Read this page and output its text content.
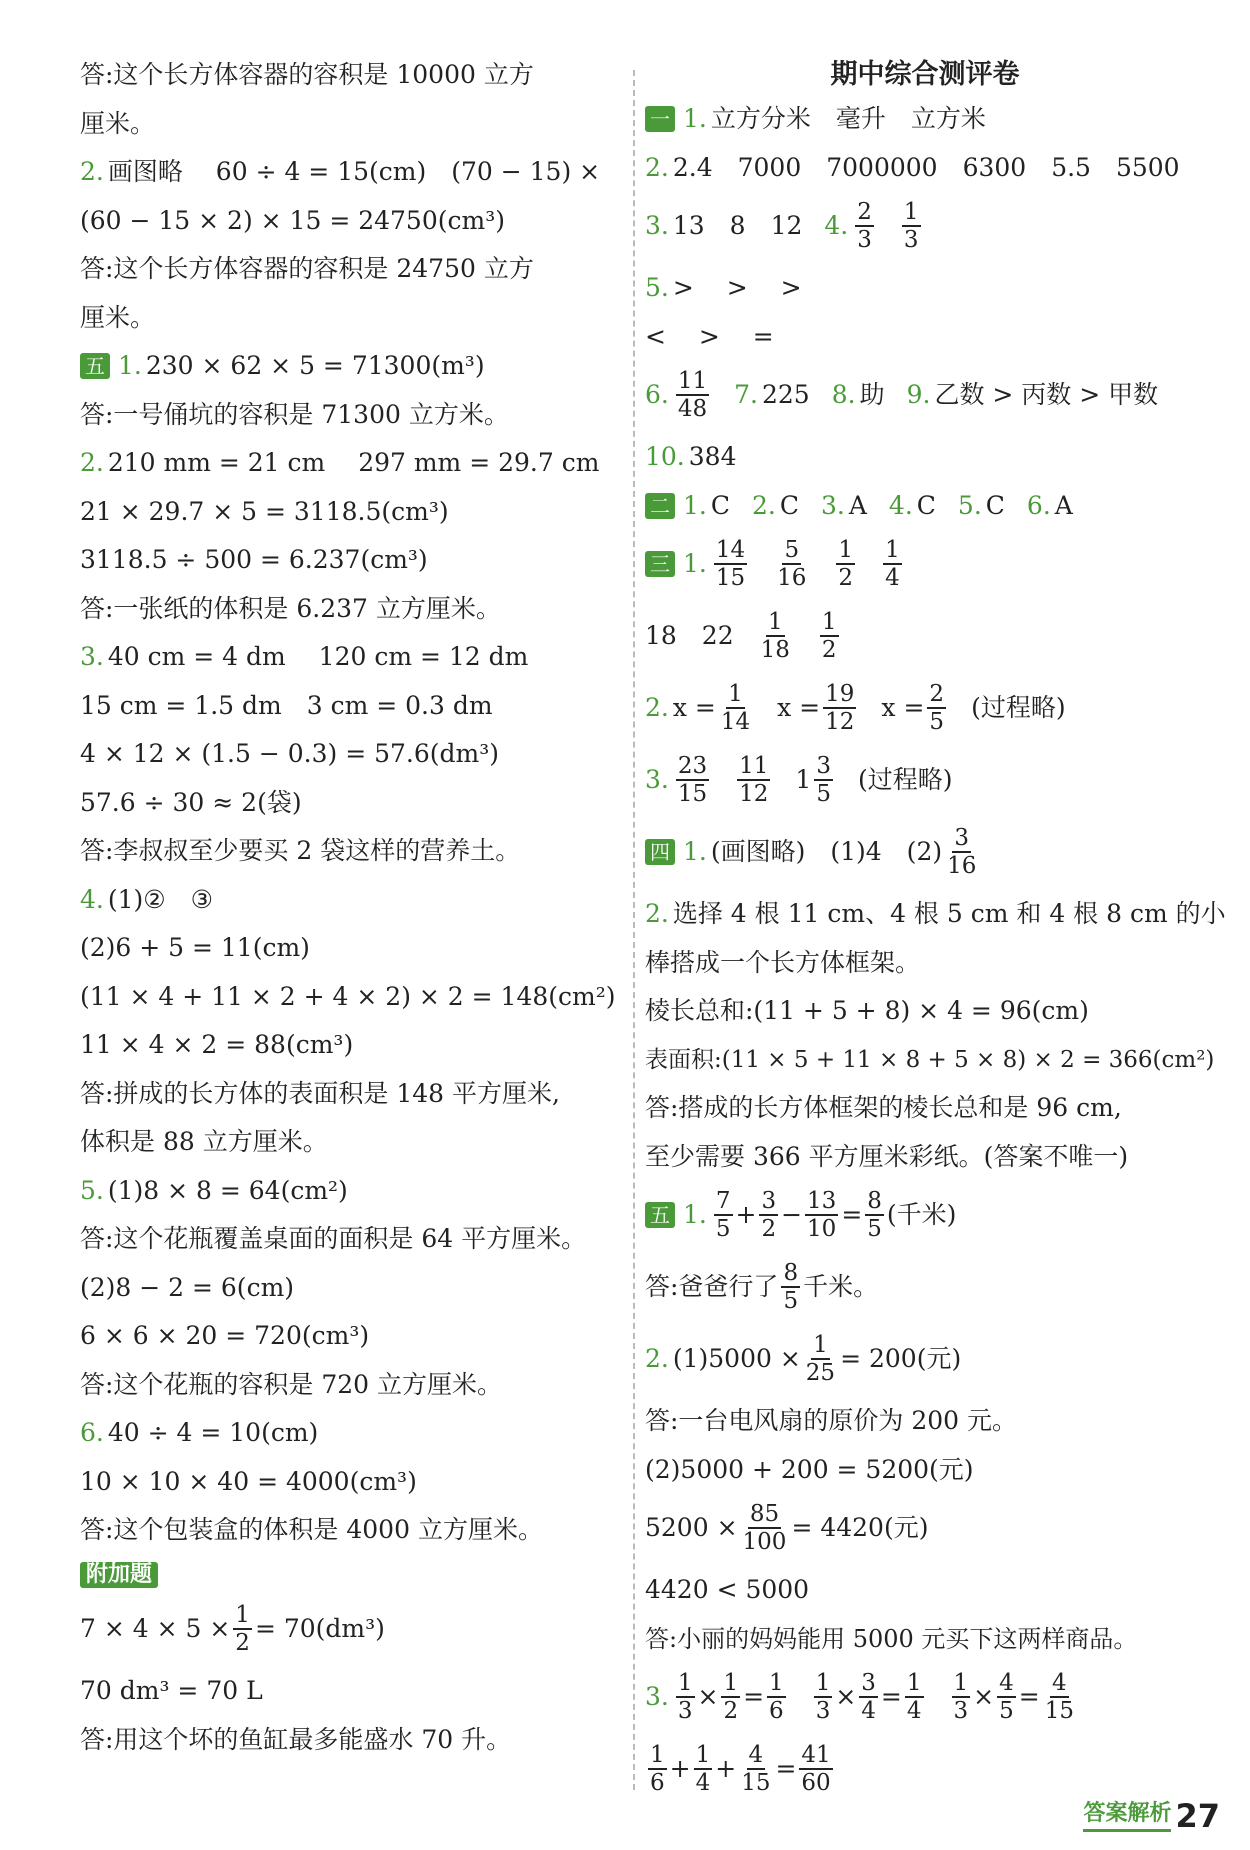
答:这个长方体容器的容积是 10000 立方
厘米。
2. 画图略　 60 ÷ 4 = 15(cm)　(70 − 15) ×
(60 − 15 × 2) × 15 = 24750(cm³)
答:这个长方体容器的容积是 24750 立方
厘米。
五 1. 230 × 62 × 5 = 71300(m³)
答:一号俑坑的容积是 71300 立方米。
2. 210 mm = 21 cm　 297 mm = 29.7 cm
21 × 29.7 × 5 = 3118.5(cm³)
3118.5 ÷ 500 = 6.237(cm³)
答:一张纸的体积是 6.237 立方厘米。
3. 40 cm = 4 dm　 120 cm = 12 dm
15 cm = 1.5 dm　3 cm = 0.3 dm
4 × 12 × (1.5 − 0.3) = 57.6(dm³)
57.6 ÷ 30 ≈ 2(袋)
答:李叔叔至少要买 2 袋这样的营养土。
4. (1)②　③
(2)6 + 5 = 11(cm)
(11 × 4 + 11 × 2 + 4 × 2) × 2 = 148(cm²)
11 × 4 × 2 = 88(cm³)
答:拼成的长方体的表面积是 148 平方厘米,
体积是 88 立方厘米。
5. (1)8 × 8 = 64(cm²)
答:这个花瓶覆盖桌面的面积是 64 平方厘米。
(2)8 − 2 = 6(cm)
6 × 6 × 20 = 720(cm³)
答:这个花瓶的容积是 720 立方厘米。
6. 40 ÷ 4 = 10(cm)
10 × 10 × 40 = 4000(cm³)
答:这个包装盒的体积是 4000 立方厘米。
附加题
$7 \times 4 \times 5 \times \frac{1}{2} = 70(dm^3)$
70 dm³ = 70 L
答:用这个坏的鱼缸最多能盛水 70 升。
期中综合测评卷
一 1. 立方分米　毫升　立方米
2. 2.4　7000　7000000　6300　5.5　5500
3. 13　8　12 4. $\frac{2}{3} \frac{1}{3}$
5. >　 >　 >
<　 >　 =
6. $\frac{11}{48} 7$. 225 8. 助 9. 乙数 > 丙数 > 甲数
10. 384
二 1. C 2. C 3. A 4. C 5. C 6. A
三 1. $\frac{14}{15} \frac{5}{16} \frac{1}{2} \frac{1}{4}$
18　$22 \frac{1}{18} \frac{1}{2}$
2. $x = \frac{1}{14}$ $x = \frac{19}{12}$ $x = \frac{2}{5}$ (过程略)
3. $\frac{23}{15} \frac{11}{12} 1 \frac{3}{5}$ (过程略)
四 1. (画图略)　(1)4　$(2) \frac{3}{16}$
2. 选择 4 根 11 cm、4 根 5 cm 和 4 根 8 cm 的小
棒搭成一个长方体框架。
棱长总和:(11 + 5 + 8) × 4 = 96(cm)
表面积:(11 × 5 + 11 × 8 + 5 × 8) × 2 = 366(cm²)
答:搭成的长方体框架的棱长总和是 96 cm,
至少需要 366 平方厘米彩纸。(答案不唯一)
五 1. $\frac{7}{5} + \frac{3}{2} - \frac{13}{10} = \frac{8}{5}$ (千米)
答:爸爸行了 $\frac{8}{5}$ 千米。
2. $(1)5000 \times \frac{1}{25} = 200$(元)
答:一台电风扇的原价为 200 元。
(2)5000 + 200 = 5200(元)
$5200 \times \frac{85}{100} = 4420$(元)
4420 < 5000
答:小丽的妈妈能用 5000 元买下这两样商品。
3. $\frac{1}{3} \times \frac{1}{2} = \frac{1}{6} \frac{1}{3} \times \frac{3}{4} = \frac{1}{4} \frac{1}{3} \times \frac{4}{5} = \frac{4}{15}$
$\frac{1}{6} + \frac{1}{4} + \frac{4}{15} = \frac{41}{60}$
答案解析 27
